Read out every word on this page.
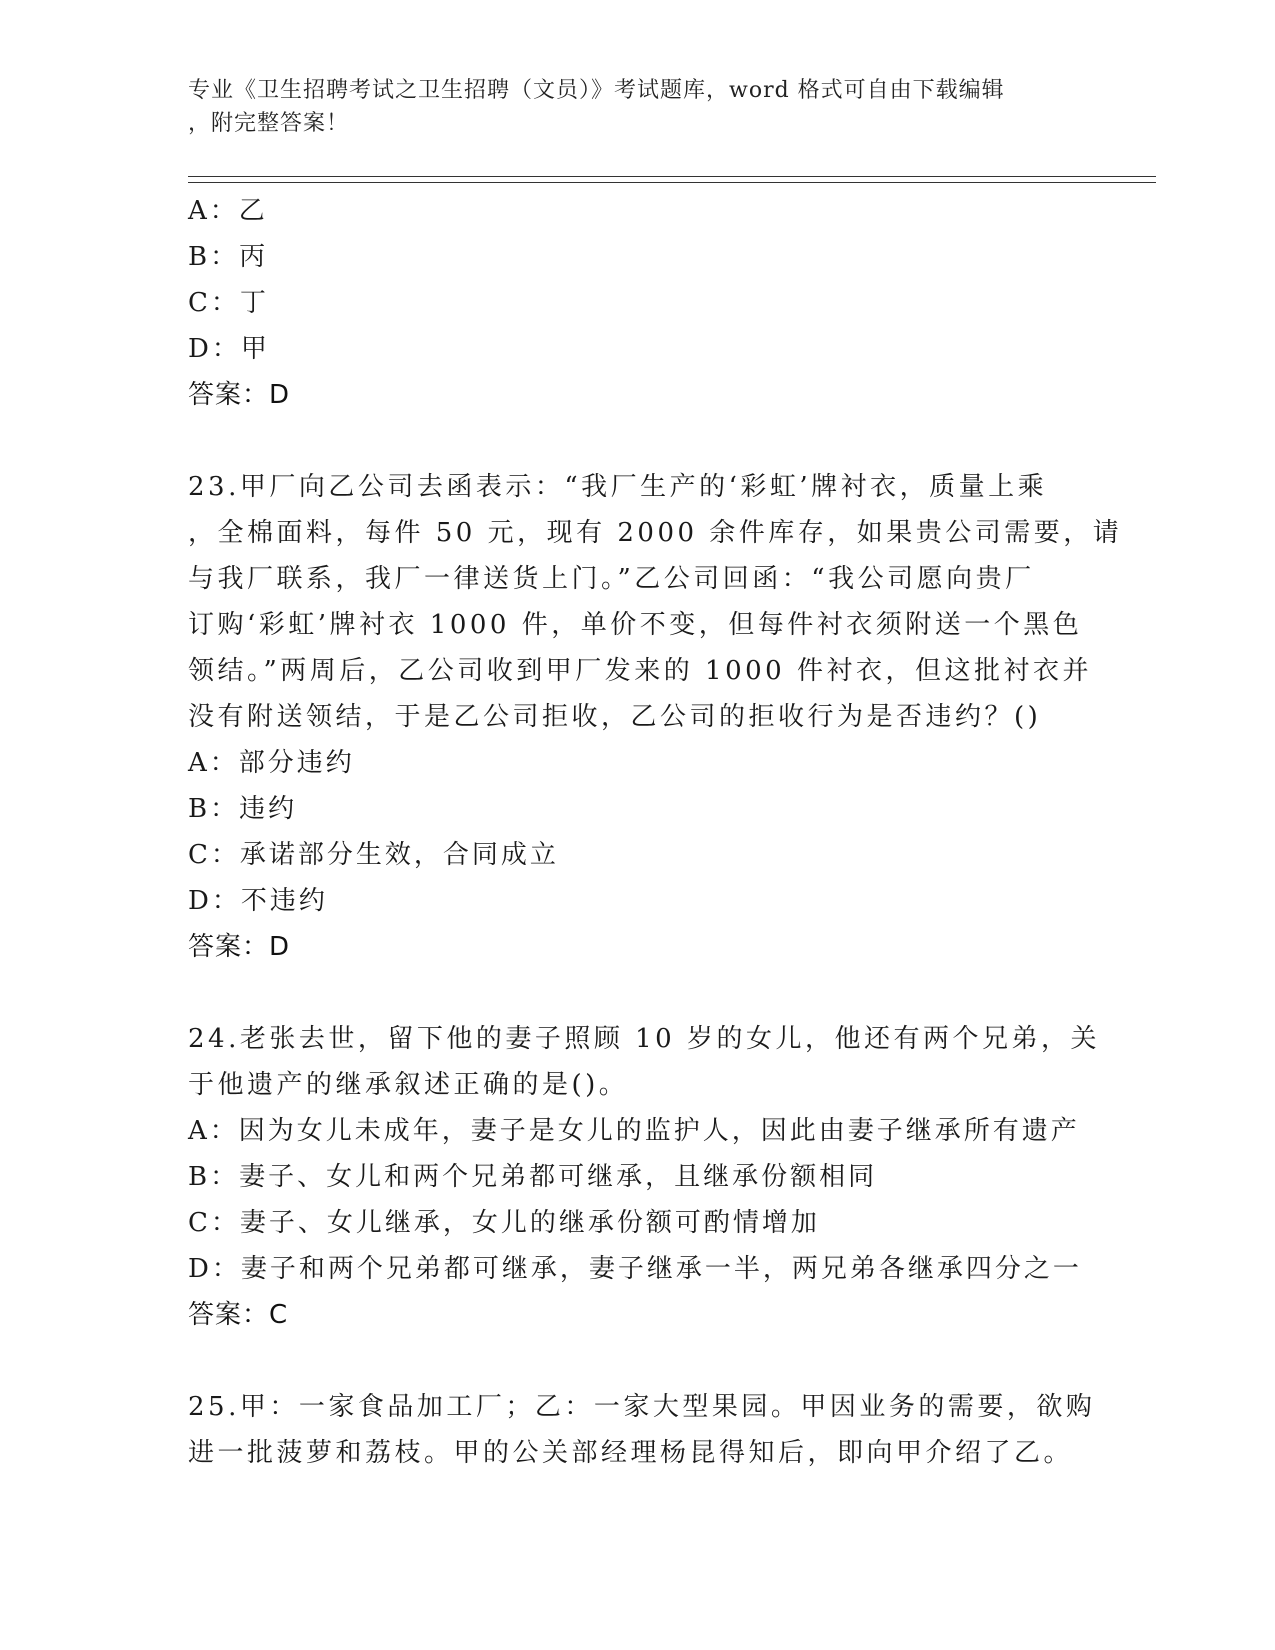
专业《卫生招聘考试之卫生招聘（文员）》考试题库，word 格式可自由下载编辑
，附完整答案！
A：乙
B：丙
C：丁
D：甲
答案：D
23.甲厂向乙公司去函表示：“我厂生产的‘彩虹’牌衬衣，质量上乘
，全棉面料，每件 50 元，现有 2000 余件库存，如果贵公司需要，请
与我厂联系，我厂一律送货上门。”乙公司回函：“我公司愿向贵厂
订购‘彩虹’牌衬衣 1000 件，单价不变，但每件衬衣须附送一个黑色
领结。”两周后，乙公司收到甲厂发来的 1000 件衬衣，但这批衬衣并
没有附送领结，于是乙公司拒收，乙公司的拒收行为是否违约？()
A：部分违约
B：违约
C：承诺部分生效，合同成立
D：不违约
答案：D
24.老张去世，留下他的妻子照顾 10 岁的女儿，他还有两个兄弟，关
于他遗产的继承叙述正确的是()。
A：因为女儿未成年，妻子是女儿的监护人，因此由妻子继承所有遗产
B：妻子、女儿和两个兄弟都可继承，且继承份额相同
C：妻子、女儿继承，女儿的继承份额可酌情增加
D：妻子和两个兄弟都可继承，妻子继承一半，两兄弟各继承四分之一
答案：C
25.甲：一家食品加工厂；乙：一家大型果园。甲因业务的需要，欲购
进一批菠萝和荔枝。甲的公关部经理杨昆得知后，即向甲介绍了乙。
